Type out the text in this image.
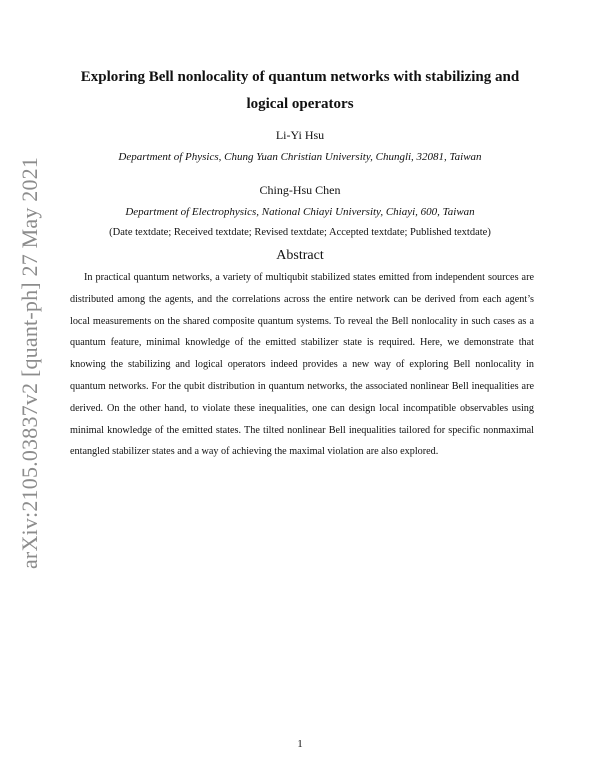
arXiv:2105.03837v2 [quant-ph] 27 May 2021
Exploring Bell nonlocality of quantum networks with stabilizing and logical operators
Li-Yi Hsu
Department of Physics, Chung Yuan Christian University, Chungli, 32081, Taiwan
Ching-Hsu Chen
Department of Electrophysics, National Chiayi University, Chiayi, 600, Taiwan
(Date textdate; Received textdate; Revised textdate; Accepted textdate; Published textdate)
Abstract

In practical quantum networks, a variety of multiqubit stabilized states emitted from independent sources are distributed among the agents, and the correlations across the entire network can be derived from each agent’s local measurements on the shared composite quantum systems. To reveal the Bell nonlocality in such cases as a quantum feature, minimal knowledge of the emitted stabilizer state is required. Here, we demonstrate that knowing the stabilizing and logical operators indeed provides a new way of exploring Bell nonlocality in quantum networks. For the qubit distribution in quantum networks, the associated nonlinear Bell inequalities are derived. On the other hand, to violate these inequalities, one can design local incompatible observables using minimal knowledge of the emitted states. The tilted nonlinear Bell inequalities tailored for specific nonmaximal entangled stabilizer states and a way of achieving the maximal violation are also explored.

1
